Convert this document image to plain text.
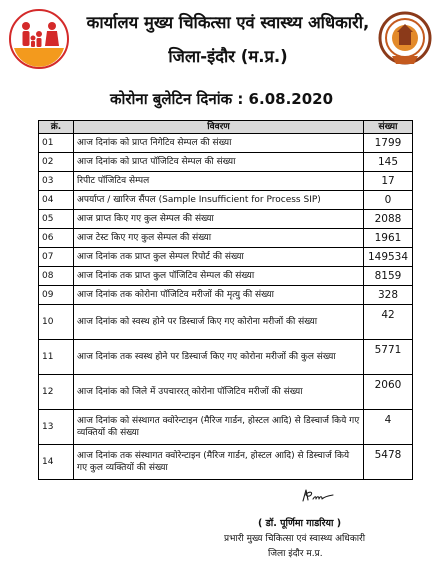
कार्यालय मुख्य चिकित्सा एवं स्वास्थ्य अधिकारी,
जिला-इंदौर (म.प्र.)
कोरोना बुलेटिन दिनांक : 6.08.2020
क्रं.	विवरण	संख्या
01	आज दिनांक को प्राप्त निगेटिव सेम्पल की संख्या	1799
02	आज दिनांक को प्राप्त पॉजिटिव सेम्पल की संख्या	145
03	रिपीट पॉजिटिव सेम्पल	17
04	अपर्याप्त / खारिज सैंपल (Sample Insufficient for Process SIP)	0
05	आज प्राप्त किए गए कुल सेम्पल की संख्या	2088
06	आज टेस्ट किए गए कुल सेम्पल की संख्या	1961
07	आज दिनांक तक प्राप्त कुल सेम्पल रिपोर्ट की संख्या	149534
08	आज दिनांक तक प्राप्त कुल पॉजिटिव सेम्पल की संख्या	8159
09	आज दिनांक तक कोरोना पॉजिटिव मरीजों की मृत्यु की संख्या	328
10	आज दिनांक को स्वस्थ होने पर डिस्चार्ज किए गए कोरोना मरीजों की संख्या	42
11	आज दिनांक तक स्वस्थ होने पर डिस्चार्ज किए गए कोरोना मरीजों की कुल संख्या	5771
12	आज दिनांक को जिले में उपचाररत् कोरोना पॉजिटिव मरीजों की संख्या	2060
13	आज दिनांक को संस्थागत क्वोरेन्टाइन (मैरिज गार्डन, होस्टल आदि) से डिस्चार्ज किये गए व्यक्तियों की संख्या	4
14	आज दिनांक तक संस्थागत क्वोरेन्टाइन (मैरिज गार्डन, होस्टल आदि) से डिस्चार्ज किये गए कुल व्यक्तियों की संख्या	5478
( डॉ. पूर्णिमा गाडरिया )
प्रभारी मुख्य चिकित्सा एवं स्वास्थ्य अधिकारी
जिला इंदौर म.प्र.
